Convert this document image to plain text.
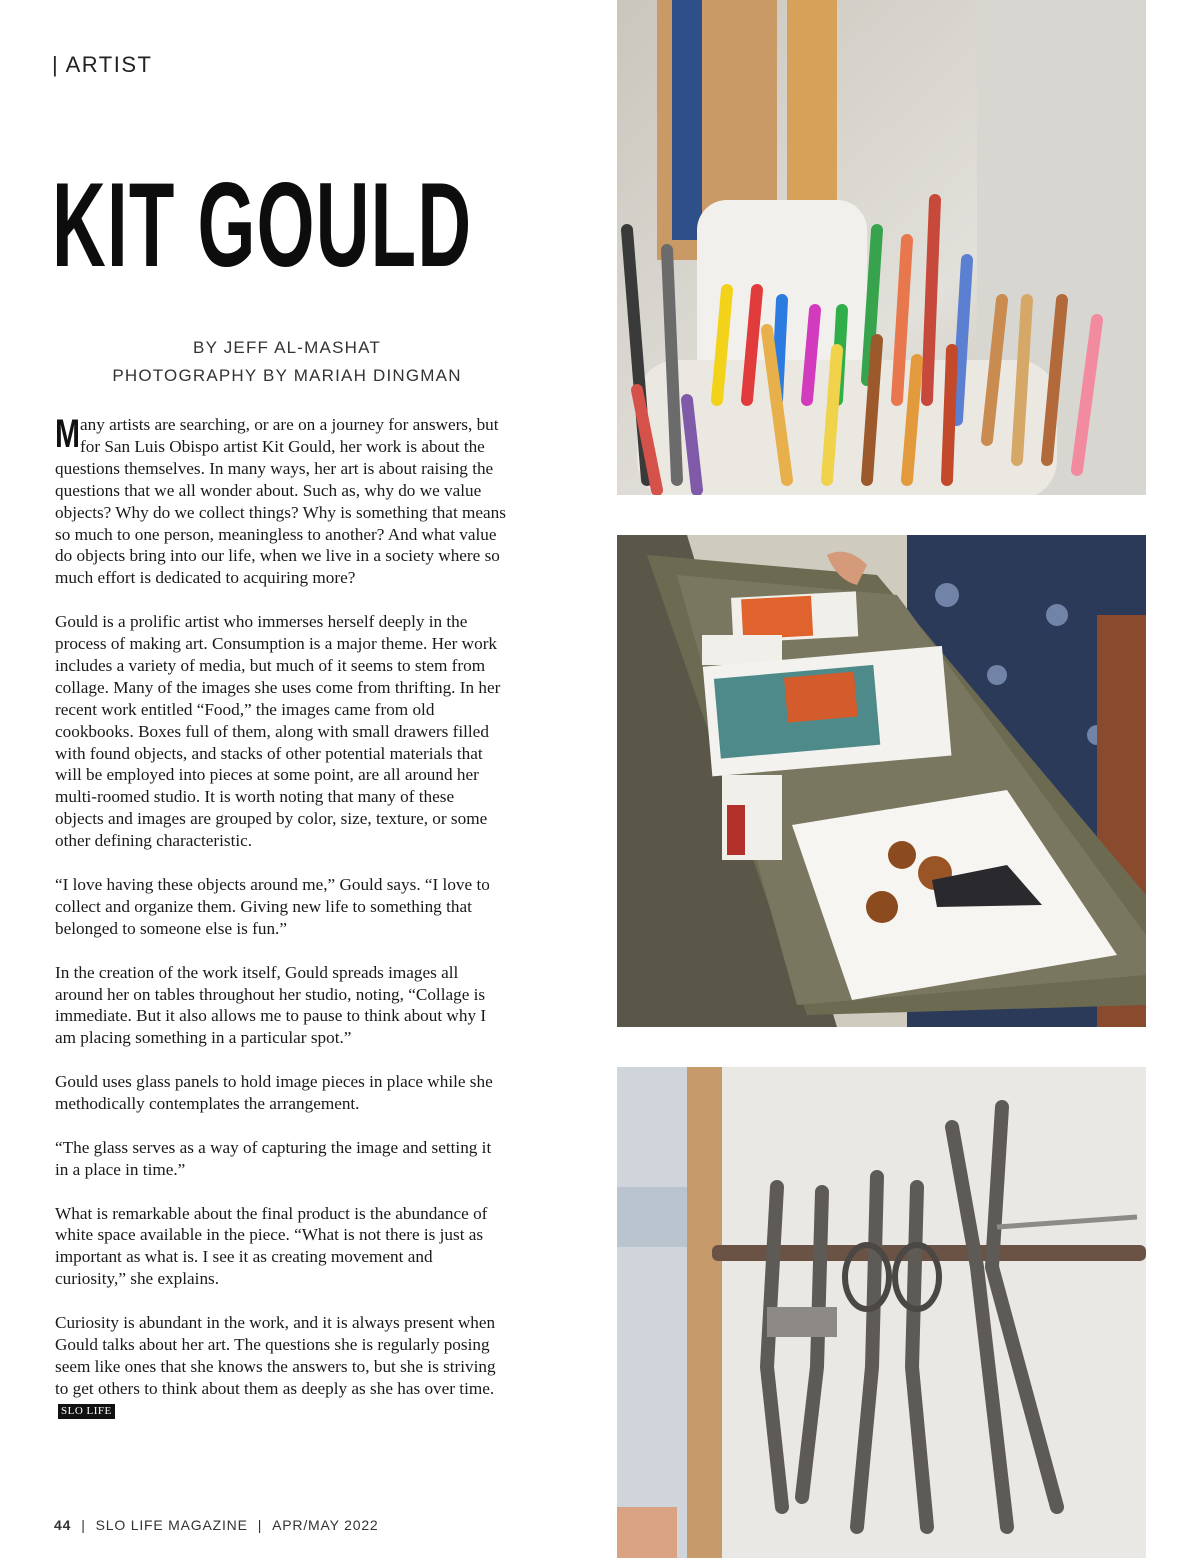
| ARTIST
KIT GOULD
BY JEFF AL-MASHAT
PHOTOGRAPHY BY MARIAH DINGMAN

Many artists are searching, or are on a journey for answers, but for San Luis Obispo artist Kit Gould, her work is about the questions themselves. In many ways, her art is about raising the questions that we all wonder about. Such as, why do we value objects? Why do we collect things? Why is something that means so much to one person, meaningless to another? And what value do objects bring into our life, when we live in a society where so much effort is dedicated to acquiring more?

Gould is a prolific artist who immerses herself deeply in the process of making art. Consumption is a major theme. Her work includes a variety of media, but much of it seems to stem from collage. Many of the images she uses come from thrifting. In her recent work entitled “Food,” the images came from old cookbooks. Boxes full of them, along with small drawers filled with found objects, and stacks of other potential materials that will be employed into pieces at some point, are all around her multi-roomed studio. It is worth noting that many of these objects and images are grouped by color, size, texture, or some other defining characteristic.

“I love having these objects around me,” Gould says. “I love to collect and organize them. Giving new life to something that belonged to someone else is fun.”

In the creation of the work itself, Gould spreads images all around her on tables throughout her studio, noting, “Collage is immediate. But it also allows me to pause to think about why I am placing something in a particular spot.”

Gould uses glass panels to hold image pieces in place while she methodically contemplates the arrangement.

“The glass serves as a way of capturing the image and setting it in a place in time.”

What is remarkable about the final product is the abundance of white space available in the piece. “What is not there is just as important as what is. I see it as creating movement and curiosity,” she explains.

Curiosity is abundant in the work, and it is always present when Gould talks about her art. The questions she is regularly posing seem like ones that she knows the answers to, but she is striving to get others to think about them as deeply as she has over time.SLO LIFE

44 | SLO LIFE MAGAZINE | APR/MAY 2022
